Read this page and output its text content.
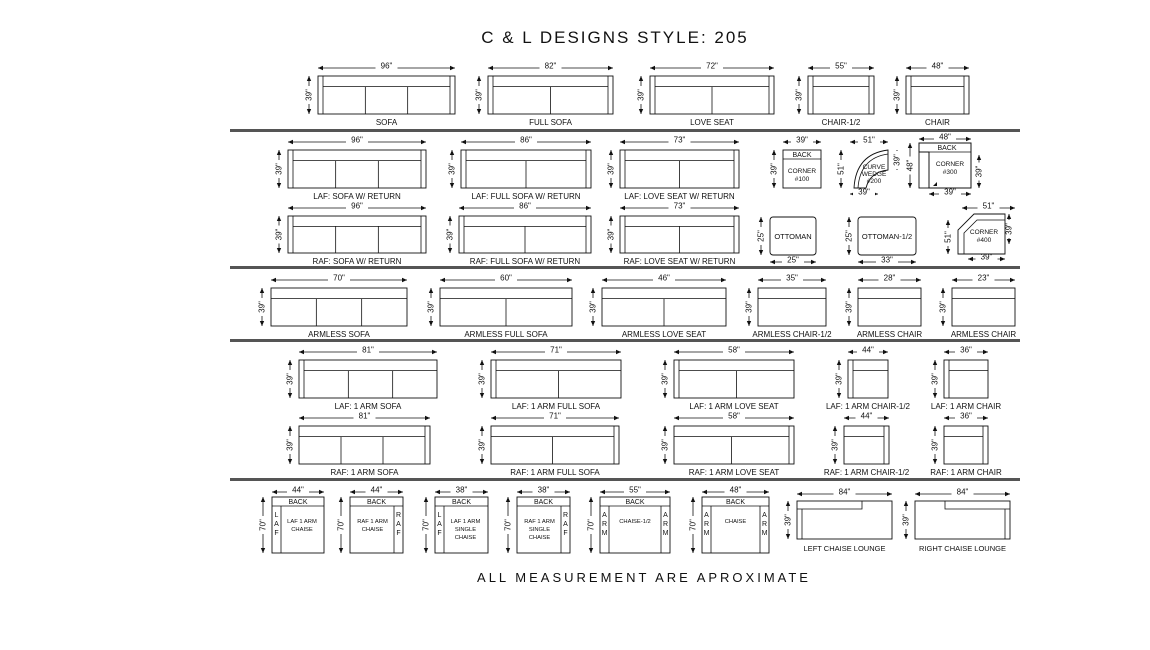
C & L DESIGNS STYLE: 205
ALL MEASUREMENT ARE APROXIMATE
96"
39"
SOFA
82"
39"
FULL SOFA
72"
39"
LOVE SEAT
55"
39"
CHAIR-1/2
48"
39"
CHAIR
96"
39"
LAF: SOFA W/ RETURN
86"
39"
LAF: FULL SOFA W/ RETURN
73"
39"
LAF: LOVE SEAT W/ RETURN
96"
39"
RAF: SOFA W/ RETURN
86"
39"
RAF: FULL SOFA W/ RETURN
73"
39"
RAF: LOVE SEAT W/ RETURN
70"
39"
ARMLESS SOFA
60"
39"
ARMLESS FULL SOFA
46"
39"
ARMLESS LOVE SEAT
35"
39"
ARMLESS CHAIR-1/2
28"
39"
ARMLESS CHAIR
23"
39"
ARMLESS CHAIR
81"
39"
LAF: 1 ARM SOFA
71"
39"
LAF: 1 ARM FULL SOFA
58"
39"
LAF: 1 ARM LOVE SEAT
44"
39"
LAF: 1 ARM CHAIR-1/2
36"
39"
LAF: 1 ARM CHAIR
81"
39"
RAF: 1 ARM SOFA
71"
39"
RAF: 1 ARM FULL SOFA
58"
39"
RAF: 1 ARM LOVE SEAT
44"
39"
RAF: 1 ARM CHAIR-1/2
36"
39"
RAF: 1 ARM CHAIR
39"
39"
BACK
CORNER
#100
51"
51"
39"
39"
CURVE
WEDGE
#200
48"
48"
39"
39"
BACK
CORNER
#300
25"
25"
OTTOMAN	25"
33"
OTTOMAN-1/2
51"
51"
39"
39"
CORNER
#400
44"
70"
BACK
L
A
F
LAF 1 ARM
CHAISE
44"
70"
BACK
R
A
F
RAF 1 ARM
CHAISE
38"
70"
BACK
L
A
F
LAF 1 ARM
SINGLE
CHAISE
38"
70"
BACK
R
A
F
RAF 1 ARM
SINGLE
CHAISE
55"
70"
BACK
A
R
M
A
R
M
CHAISE-1/2
48"
70"
BACK
A
R
M
A
R
M
CHAISE
84"
39"
LEFT CHAISE LOUNGE
84"
39"
RIGHT CHAISE LOUNGE
